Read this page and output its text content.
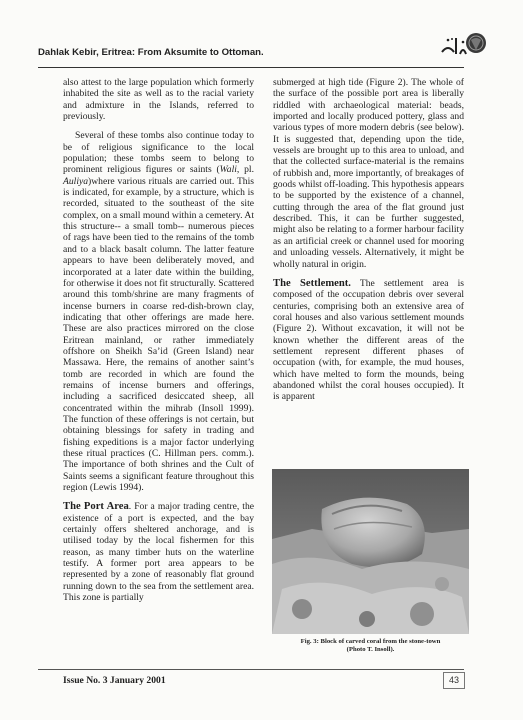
Dahlak Kebir, Eritrea: From Aksumite to Ottoman.

also attest to the large population which formerly inhabited the site as well as to the racial variety and admixture in the Islands, referred to previously.

Several of these tombs also continue today to be of religious significance to the local population; these tombs seem to belong to prominent religious figures or saints (Wali, pl. Auliya)where various rituals are carried out. This is indicated, for example, by a structure, which is recorded, situated to the southeast of the site complex, on a small mound within a cemetery. At this structure-- a small tomb-- numerous pieces of rags have been tied to the remains of the tomb and to a black basalt column. The latter feature appears to have been deliberately moved, and incorporated at a later date within the building, for otherwise it does not fit structurally. Scattered around this tomb/shrine are many fragments of incense burners in coarse red-dish-brown clay, indicating that other offerings are made here. These are also practices mirrored on the close Eritrean mainland, or rather immediately offshore on Sheikh Sa’id (Green Island) near Massawa. Here, the remains of another saint’s tomb are recorded in which are found the remains of incense burners and offerings, including a sacrificed desiccated sheep, all concentrated within the mihrab (Insoll 1999). The function of these offerings is not certain, but obtaining blessings for safety in trading and fishing expeditions is a major factor underlying these ritual practices (C. Hillman pers. comm.). The importance of both shrines and the Cult of Saints seems a significant feature throughout this region (Lewis 1994).

The Port Area. For a major trading centre, the existence of a port is expected, and the bay certainly offers sheltered anchorage, and is utilised today by the local fishermen for this reason, as many timber huts on the waterline testify. A former port area appears to be represented by a zone of reasonably flat ground running down to the sea from the settlement area. This zone is partially

submerged at high tide (Figure 2). The whole of the surface of the possible port area is liberally riddled with archaeological material: beads, imported and locally produced pottery, glass and various types of more modern debris (see below). It is suggested that, depending upon the tide, vessels are brought up to this area to unload, and that the collected surface-material is the remains of rubbish and, more importantly, of breakages of goods whilst off-loading. This hypothesis appears to be supported by the existence of a channel, cutting through the area of the flat ground just described. This, it can be further suggested, might also be relating to a former harbour facility as an artificial creek or channel used for mooring and unloading vessels. Alternatively, it might be wholly natural in origin.

The Settlement. The settlement area is composed of the occupation debris over several centuries, comprising both an extensive area of coral houses and also various settlement mounds (Figure 2). Without excavation, it will not be known whether the different areas of the settlement represent different phases of occupation (with, for example, the mud houses, which have melted to form the mounds, being abandoned whilst the coral houses occupied). It is apparent

Fig. 3: Block of carved coral from the stone-town
(Photo T. Insoll).
Issue No. 3 January 2001	43
